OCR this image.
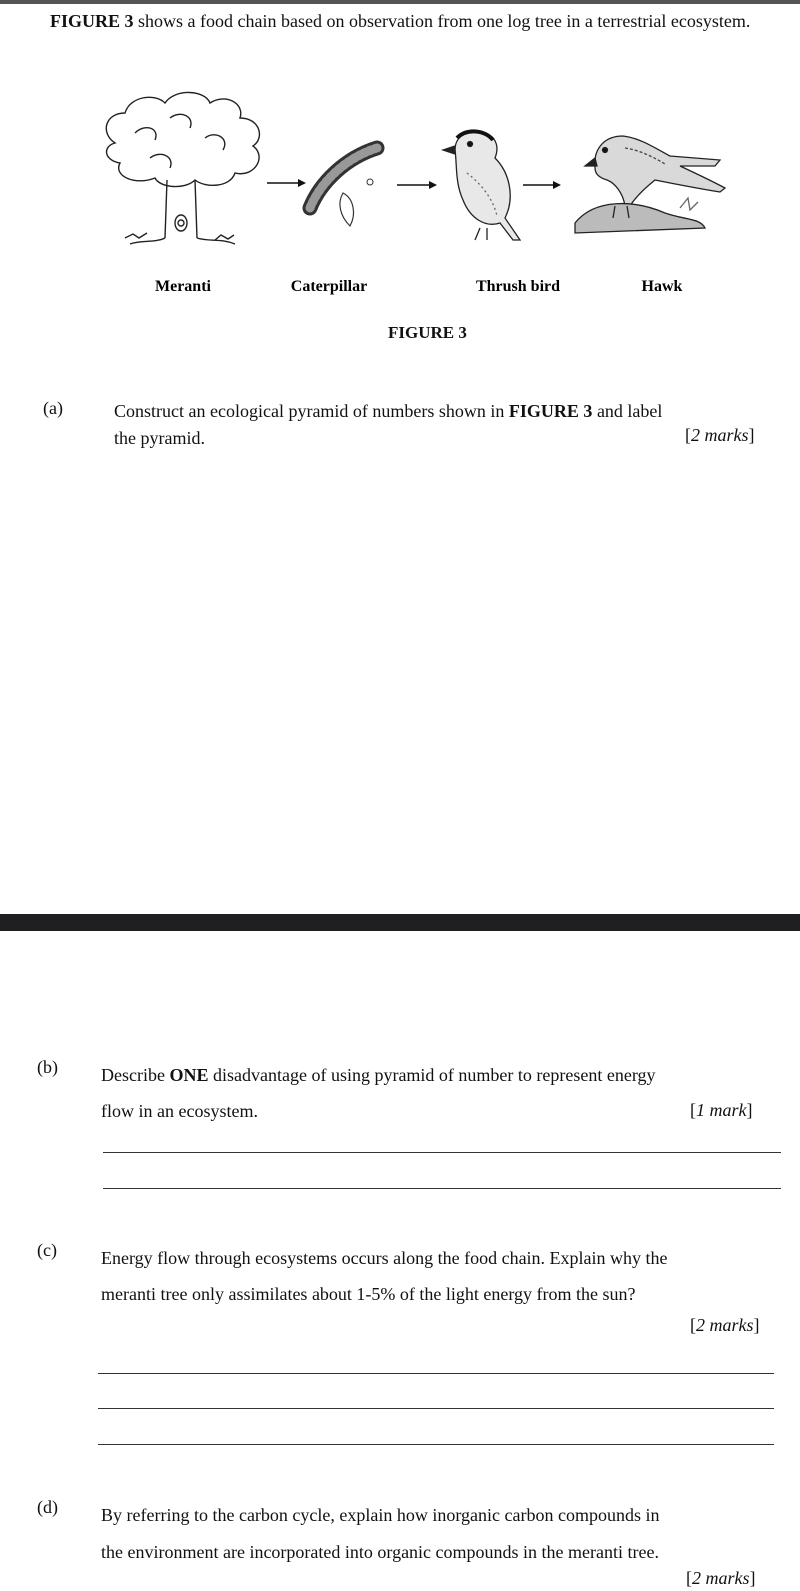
FIGURE 3 shows a food chain based on observation from one log tree in a terrestrial ecosystem.
Meranti	Caterpillar	Thrush bird	Hawk
FIGURE 3
(a)	Construct an ecological pyramid of numbers shown in FIGURE 3 and label
the pyramid.	[2 marks]
(b) Describe ONE disadvantage of using pyramid of number to represent energy
flow in an ecosystem.	[1 mark]
(c) Energy flow through ecosystems occurs along the food chain. Explain why the
meranti tree only assimilates about 1-5% of the light energy from the sun?
[2 marks]
(d) By referring to the carbon cycle, explain how inorganic carbon compounds in
the environment are incorporated into organic compounds in the meranti tree.
[2 marks]
